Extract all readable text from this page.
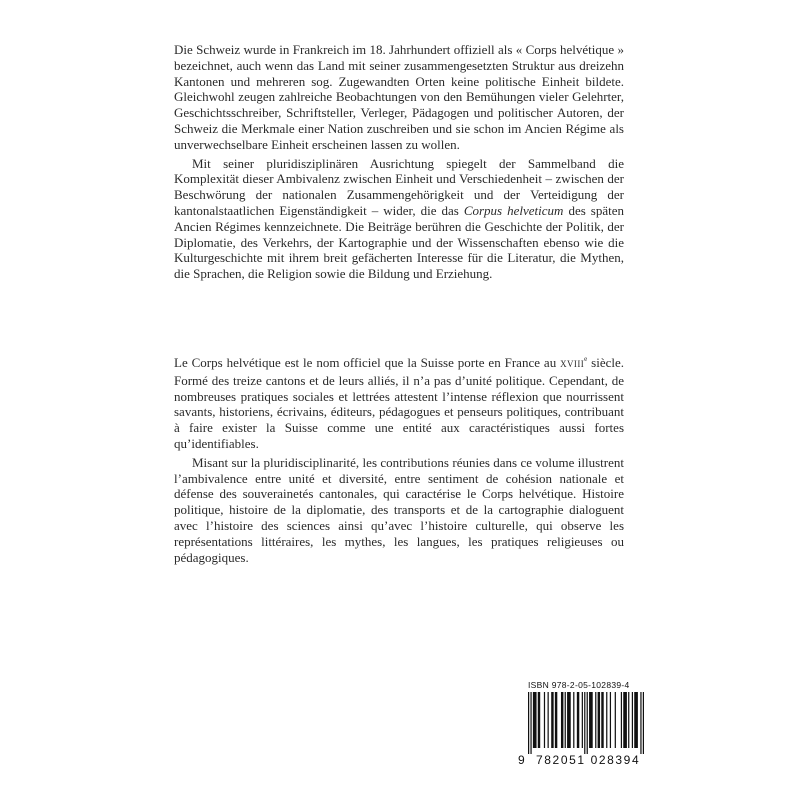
Die Schweiz wurde in Frankreich im 18. Jahrhundert offiziell als « Corps helvétique » bezeichnet, auch wenn das Land mit seiner zusammengesetzten Struktur aus dreizehn Kantonen und mehreren sog. Zugewandten Orten keine politische Einheit bildete. Gleichwohl zeugen zahlreiche Beobachtungen von den Bemühungen vieler Gelehrter, Geschichtsschreiber, Schriftsteller, Verleger, Pädagogen und politischer Autoren, der Schweiz die Merkmale einer Nation zuschreiben und sie schon im Ancien Régime als unverwechselbare Einheit erscheinen lassen zu wollen.

Mit seiner pluridisziplinären Ausrichtung spiegelt der Sammelband die Komplexität dieser Ambivalenz zwischen Einheit und Verschiedenheit – zwischen der Beschwörung der nationalen Zusammengehörigkeit und der Verteidigung der kantonalstaatlichen Eigenständigkeit – wider, die das Corpus helveticum des späten Ancien Régimes kennzeichnete. Die Beiträge berühren die Geschichte der Politik, der Diplomatie, des Verkehrs, der Kartographie und der Wissenschaften ebenso wie die Kulturgeschichte mit ihrem breit gefächerten Interesse für die Literatur, die Mythen, die Sprachen, die Religion sowie die Bildung und Erziehung.

Le Corps helvétique est le nom officiel que la Suisse porte en France au XVIIIe siècle. Formé des treize cantons et de leurs alliés, il n’a pas d’unité politique. Cependant, de nombreuses pratiques sociales et lettrées attestent l’intense réflexion que nourrissent savants, historiens, écrivains, éditeurs, pédagogues et penseurs politiques, contribuant à faire exister la Suisse comme une entité aux caractéristiques aussi fortes qu’identifiables.

Misant sur la pluridisciplinarité, les contributions réunies dans ce volume illustrent l’ambivalence entre unité et diversité, entre sentiment de cohésion nationale et défense des souverainetés cantonales, qui caractérise le Corps helvétique. Histoire politique, histoire de la diplomatie, des transports et de la cartographie dialoguent avec l’histoire des sciences ainsi qu’avec l’histoire culturelle, qui observe les représentations littéraires, les mythes, les langues, les pratiques religieuses ou pédagogiques.

ISBN 978-2-05-102839-4
9 782051 028394
